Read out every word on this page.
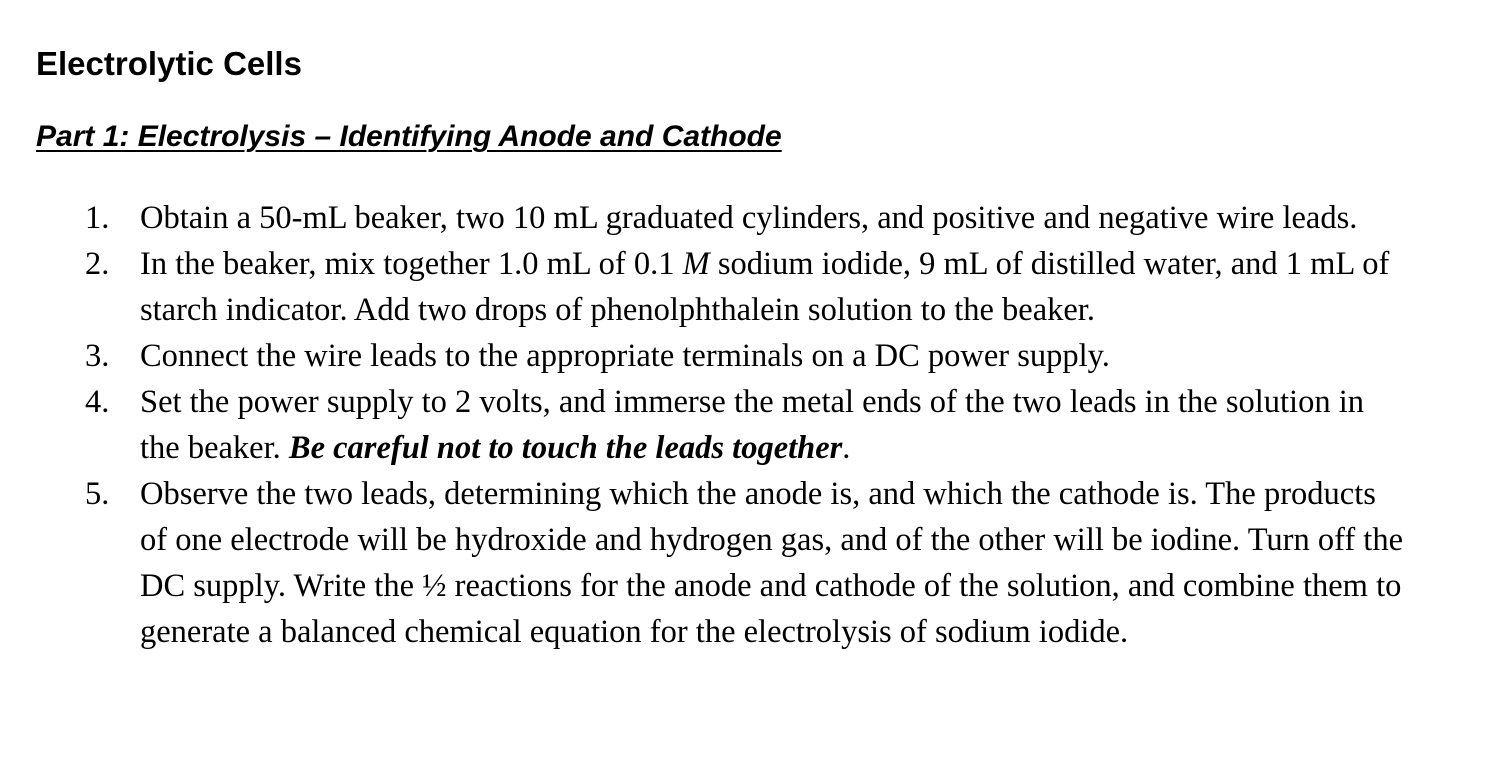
Electrolytic Cells
Part 1: Electrolysis – Identifying Anode and Cathode
1. Obtain a 50-mL beaker, two 10 mL graduated cylinders, and positive and negative wire leads.
2. In the beaker, mix together 1.0 mL of 0.1 M sodium iodide, 9 mL of distilled water, and 1 mL of starch indicator. Add two drops of phenolphthalein solution to the beaker.
3. Connect the wire leads to the appropriate terminals on a DC power supply.
4. Set the power supply to 2 volts, and immerse the metal ends of the two leads in the solution in the beaker. Be careful not to touch the leads together.
5. Observe the two leads, determining which the anode is, and which the cathode is. The products of one electrode will be hydroxide and hydrogen gas, and of the other will be iodine. Turn off the DC supply. Write the ½ reactions for the anode and cathode of the solution, and combine them to generate a balanced chemical equation for the electrolysis of sodium iodide.
